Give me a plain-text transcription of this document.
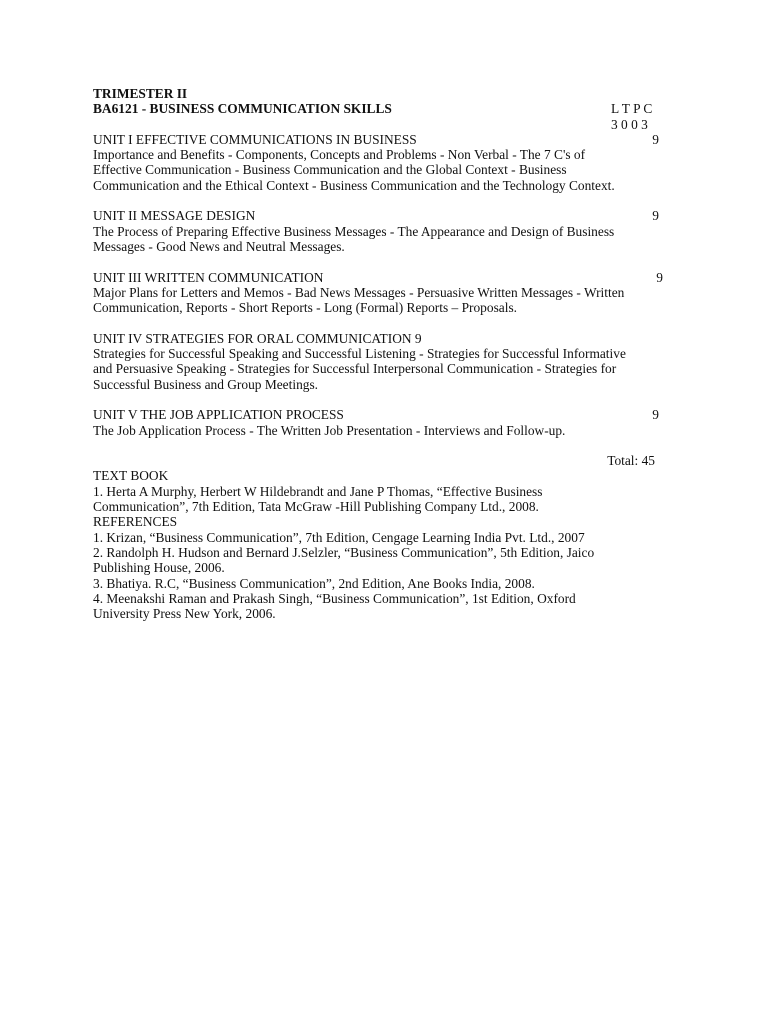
TRIMESTER II
BA6121 - BUSINESS COMMUNICATION SKILLS	L T P C
3 0 0 3
UNIT I EFFECTIVE COMMUNICATIONS IN BUSINESS	9
Importance and Benefits - Components, Concepts and Problems - Non Verbal - The 7 C's of
Effective Communication - Business Communication and the Global Context - Business
Communication and the Ethical Context - Business Communication and the Technology Context.
UNIT II MESSAGE DESIGN	9
The Process of Preparing Effective Business Messages - The Appearance and Design of Business
Messages - Good News and Neutral Messages.
UNIT III WRITTEN COMMUNICATION	9
Major Plans for Letters and Memos - Bad News Messages - Persuasive Written Messages - Written
Communication, Reports - Short Reports - Long (Formal) Reports – Proposals.
UNIT IV STRATEGIES FOR ORAL COMMUNICATION 9
Strategies for Successful Speaking and Successful Listening - Strategies for Successful Informative
and Persuasive Speaking - Strategies for Successful Interpersonal Communication - Strategies for
Successful Business and Group Meetings.
UNIT V THE JOB APPLICATION PROCESS	9
The Job Application Process - The Written Job Presentation - Interviews and Follow-up.
Total: 45
TEXT BOOK
1. Herta A Murphy, Herbert W Hildebrandt and Jane P Thomas, “Effective Business
Communication”, 7th Edition, Tata McGraw -Hill Publishing Company Ltd., 2008.
REFERENCES
1. Krizan, “Business Communication”, 7th Edition, Cengage Learning India Pvt. Ltd., 2007
2. Randolph H. Hudson and Bernard J.Selzler, “Business Communication”, 5th Edition, Jaico
Publishing House, 2006.
3. Bhatiya. R.C, “Business Communication”, 2nd Edition, Ane Books India, 2008.
4. Meenakshi Raman and Prakash Singh, “Business Communication”, 1st Edition, Oxford
University Press New York, 2006.
